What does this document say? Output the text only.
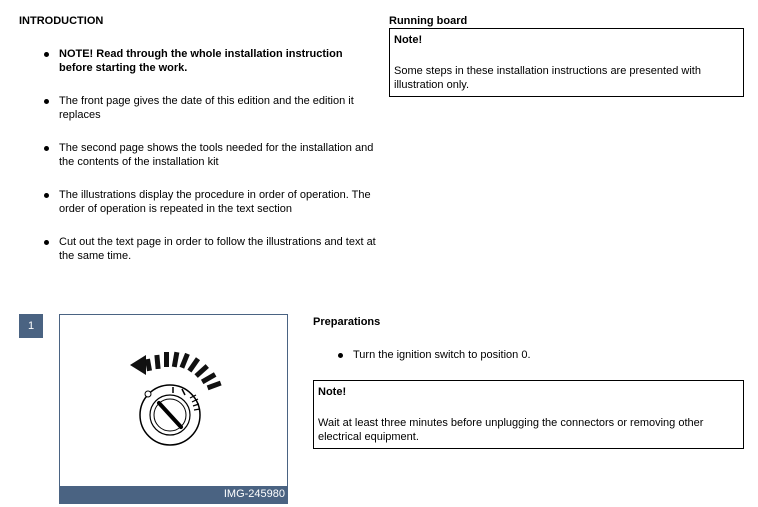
INTRODUCTION
NOTE! Read through the whole installation instruction before starting the work.
The front page gives the date of this edition and the edition it replaces
The second page shows the tools needed for the installation and the contents of the installation kit
The illustrations display the procedure in order of operation. The order of operation is repeated in the text section
Cut out the text page in order to follow the illustrations and text at the same time.
Running board
Note!
Some steps in these installation instructions are presented with illustration only.
1
IMG-245980
Preparations
Turn the ignition switch to position 0.
Note!
Wait at least three minutes before unplugging the connectors or removing other electrical equipment.
